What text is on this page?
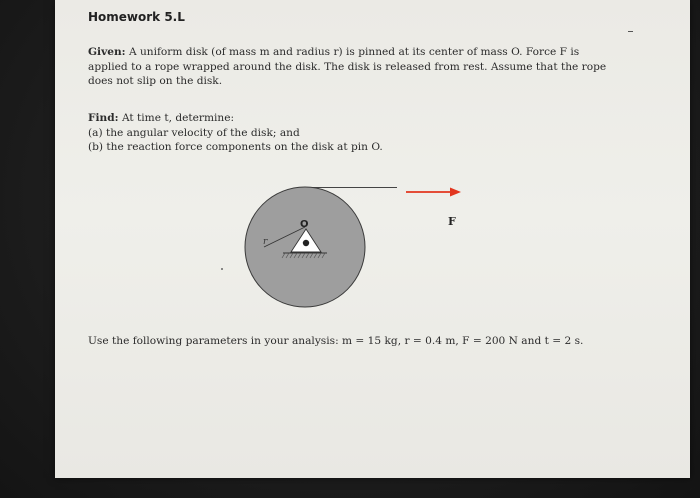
Homework 5.L
Given: A uniform disk (of mass m and radius r) is pinned at its center of mass O. Force F is
applied to a rope wrapped around the disk. The disk is released from rest. Assume that the rope
does not slip on the disk.
Find: At time t, determine:
(a) the angular velocity of the disk; and
(b) the reaction force components on the disk at pin O.
r
O	F
Use the following parameters in your analysis: m = 15 kg, r = 0.4 m, F = 200 N and t = 2 s.
